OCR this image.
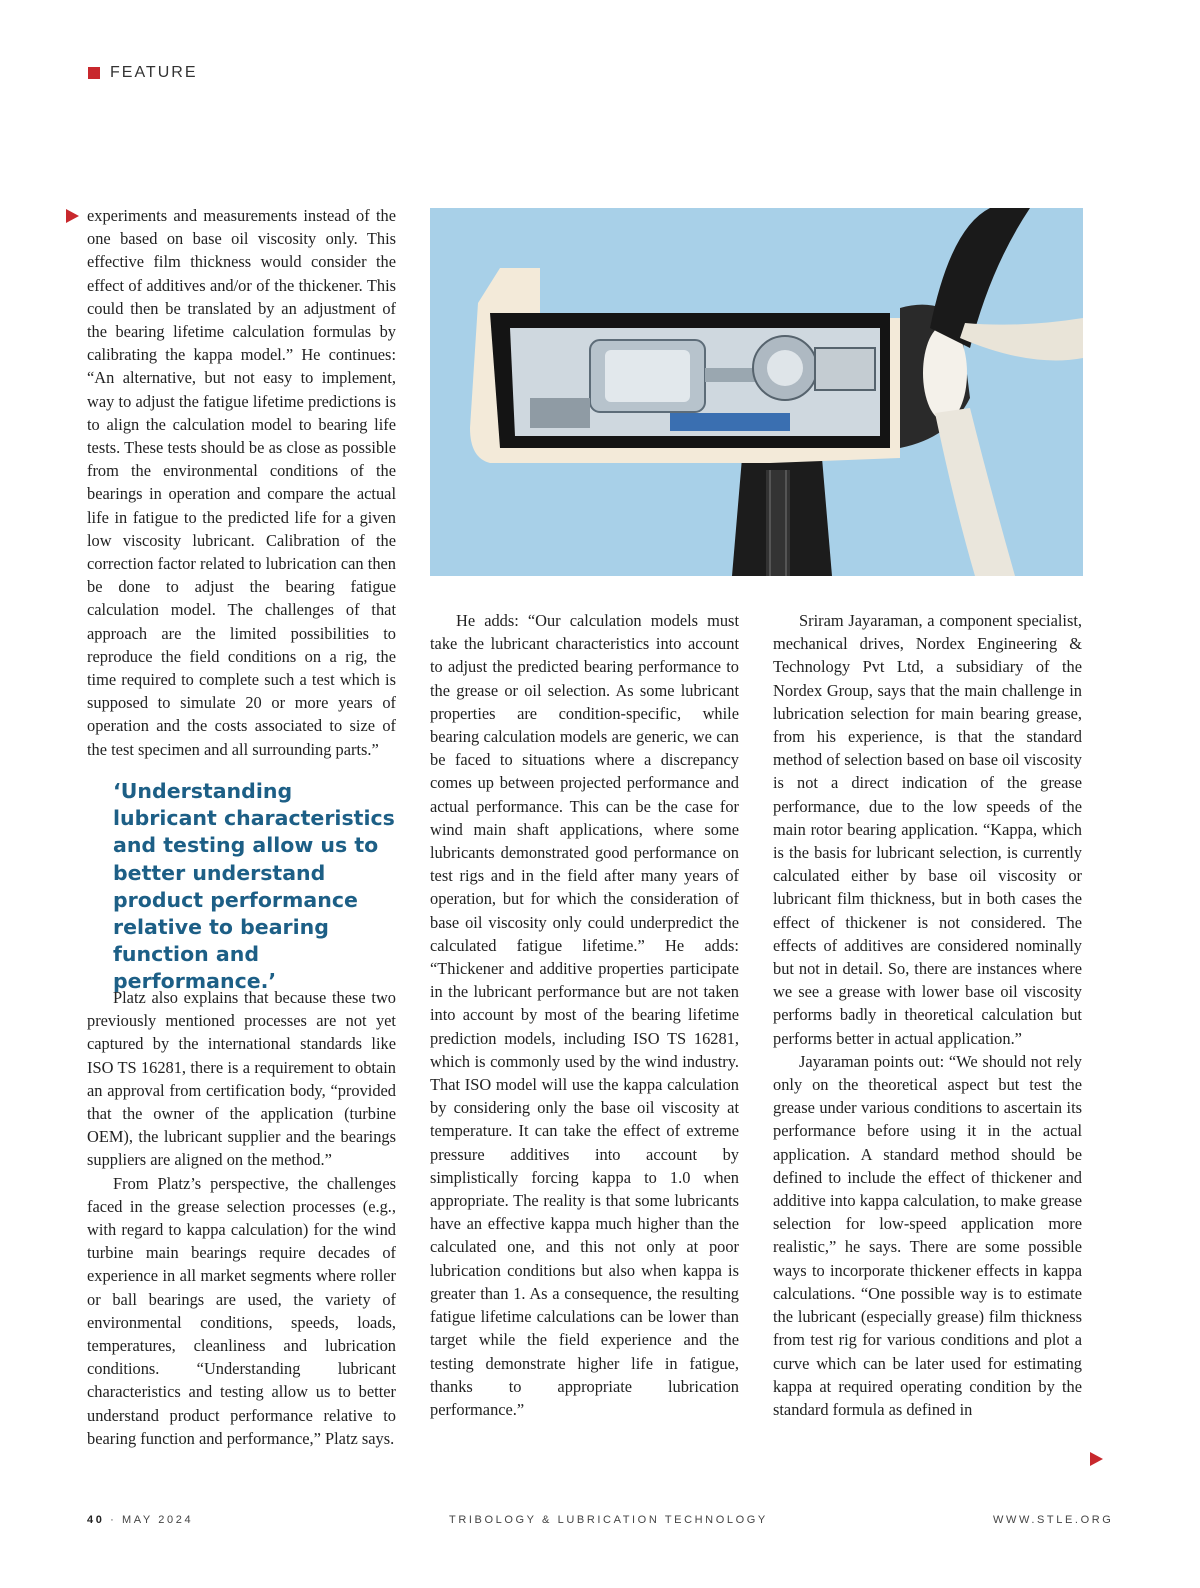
FEATURE

experiments and measurements instead of the one based on base oil viscosity only. This effective film thickness would consider the effect of additives and/or of the thickener. This could then be translated by an adjustment of the bearing lifetime calculation formulas by calibrating the kappa model.” He continues: “An alternative, but not easy to implement, way to adjust the fatigue lifetime predictions is to align the calculation model to bearing life tests. These tests should be as close as possible from the environmental conditions of the bearings in operation and compare the actual life in fatigue to the predicted life for a given low viscosity lubricant. Calibration of the correction factor related to lubrication can then be done to adjust the bearing fatigue calculation model. The challenges of that approach are the limited possibilities to reproduce the field conditions on a rig, the time required to complete such a test which is supposed to simulate 20 or more years of operation and the costs associated to size of the test specimen and all surrounding parts.”

‘Understanding lubricant characteristics and testing allow us to better understand product performance relative to bearing function and performance.’

Platz also explains that because these two previously mentioned processes are not yet captured by the international standards like ISO TS 16281, there is a requirement to obtain an approval from certification body, “provided that the owner of the application (turbine OEM), the lubricant supplier and the bearings suppliers are aligned on the method.”

From Platz’s perspective, the challenges faced in the grease selection processes (e.g., with regard to kappa calculation) for the wind turbine main bearings require decades of experience in all market segments where roller or ball bearings are used, the variety of environmental conditions, speeds, loads, temperatures, cleanliness and lubrication conditions. “Understanding lubricant characteristics and testing allow us to better understand product performance relative to bearing function and performance,” Platz says.

He adds: “Our calculation models must take the lubricant characteristics into account to adjust the predicted bearing performance to the grease or oil selection. As some lubricant properties are condition-specific, while bearing calculation models are generic, we can be faced to situations where a discrepancy comes up between projected performance and actual performance. This can be the case for wind main shaft applications, where some lubricants demonstrated good performance on test rigs and in the field after many years of operation, but for which the consideration of base oil viscosity only could underpredict the calculated fatigue lifetime.” He adds: “Thickener and additive properties participate in the lubricant performance but are not taken into account by most of the bearing lifetime prediction models, including ISO TS 16281, which is commonly used by the wind industry. That ISO model will use the kappa calculation by considering only the base oil viscosity at temperature. It can take the effect of extreme pressure additives into account by simplistically forcing kappa to 1.0 when appropriate. The reality is that some lubricants have an effective kappa much higher than the calculated one, and this not only at poor lubrication conditions but also when kappa is greater than 1. As a consequence, the resulting fatigue lifetime calculations can be lower than target while the field experience and the testing demonstrate higher life in fatigue, thanks to appropriate lubrication performance.”

Sriram Jayaraman, a component specialist, mechanical drives, Nordex Engineering & Technology Pvt Ltd, a subsidiary of the Nordex Group, says that the main challenge in lubrication selection for main bearing grease, from his experience, is that the standard method of selection based on base oil viscosity is not a direct indication of the grease performance, due to the low speeds of the main rotor bearing application. “Kappa, which is the basis for lubricant selection, is currently calculated either by base oil viscosity or lubricant film thickness, but in both cases the effect of thickener is not considered. The effects of additives are considered nominally but not in detail. So, there are instances where we see a grease with lower base oil viscosity performs badly in theoretical calculation but performs better in actual application.”

Jayaraman points out: “We should not rely only on the theoretical aspect but test the grease under various conditions to ascertain its performance before using it in the actual application. A standard method should be defined to include the effect of thickener and additive into kappa calculation, to make grease selection for low-speed application more realistic,” he says. There are some possible ways to incorporate thickener effects in kappa calculations. “One possible way is to estimate the lubricant (especially grease) film thickness from test rig for various conditions and plot a curve which can be later used for estimating kappa at required operating condition by the standard formula as defined in

40 · MAY 2024	TRIBOLOGY & LUBRICATION TECHNOLOGY	WWW.STLE.ORG
